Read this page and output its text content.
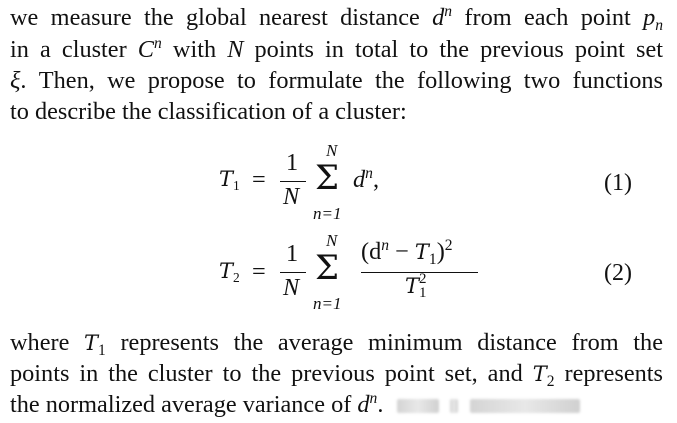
we measure the global nearest distance $d^n$ from each point $p_n$
in a cluster $C^n$ with N points in total to the previous point set
ξ. Then, we propose to formulate the following two functions
to describe the classification of a cluster:
$T_1$ =
1
N
N
Σ
n=1
$d^n$,	(1)
$T_2$ =
1
N
N
Σ
n=1
$(d^n - T_1)^2$
T 2
1
(2)
where $T_1$ represents the average minimum distance from the
points in the cluster to the previous point set, and $T_2$ represents
the normalized average variance of $d^n$.
